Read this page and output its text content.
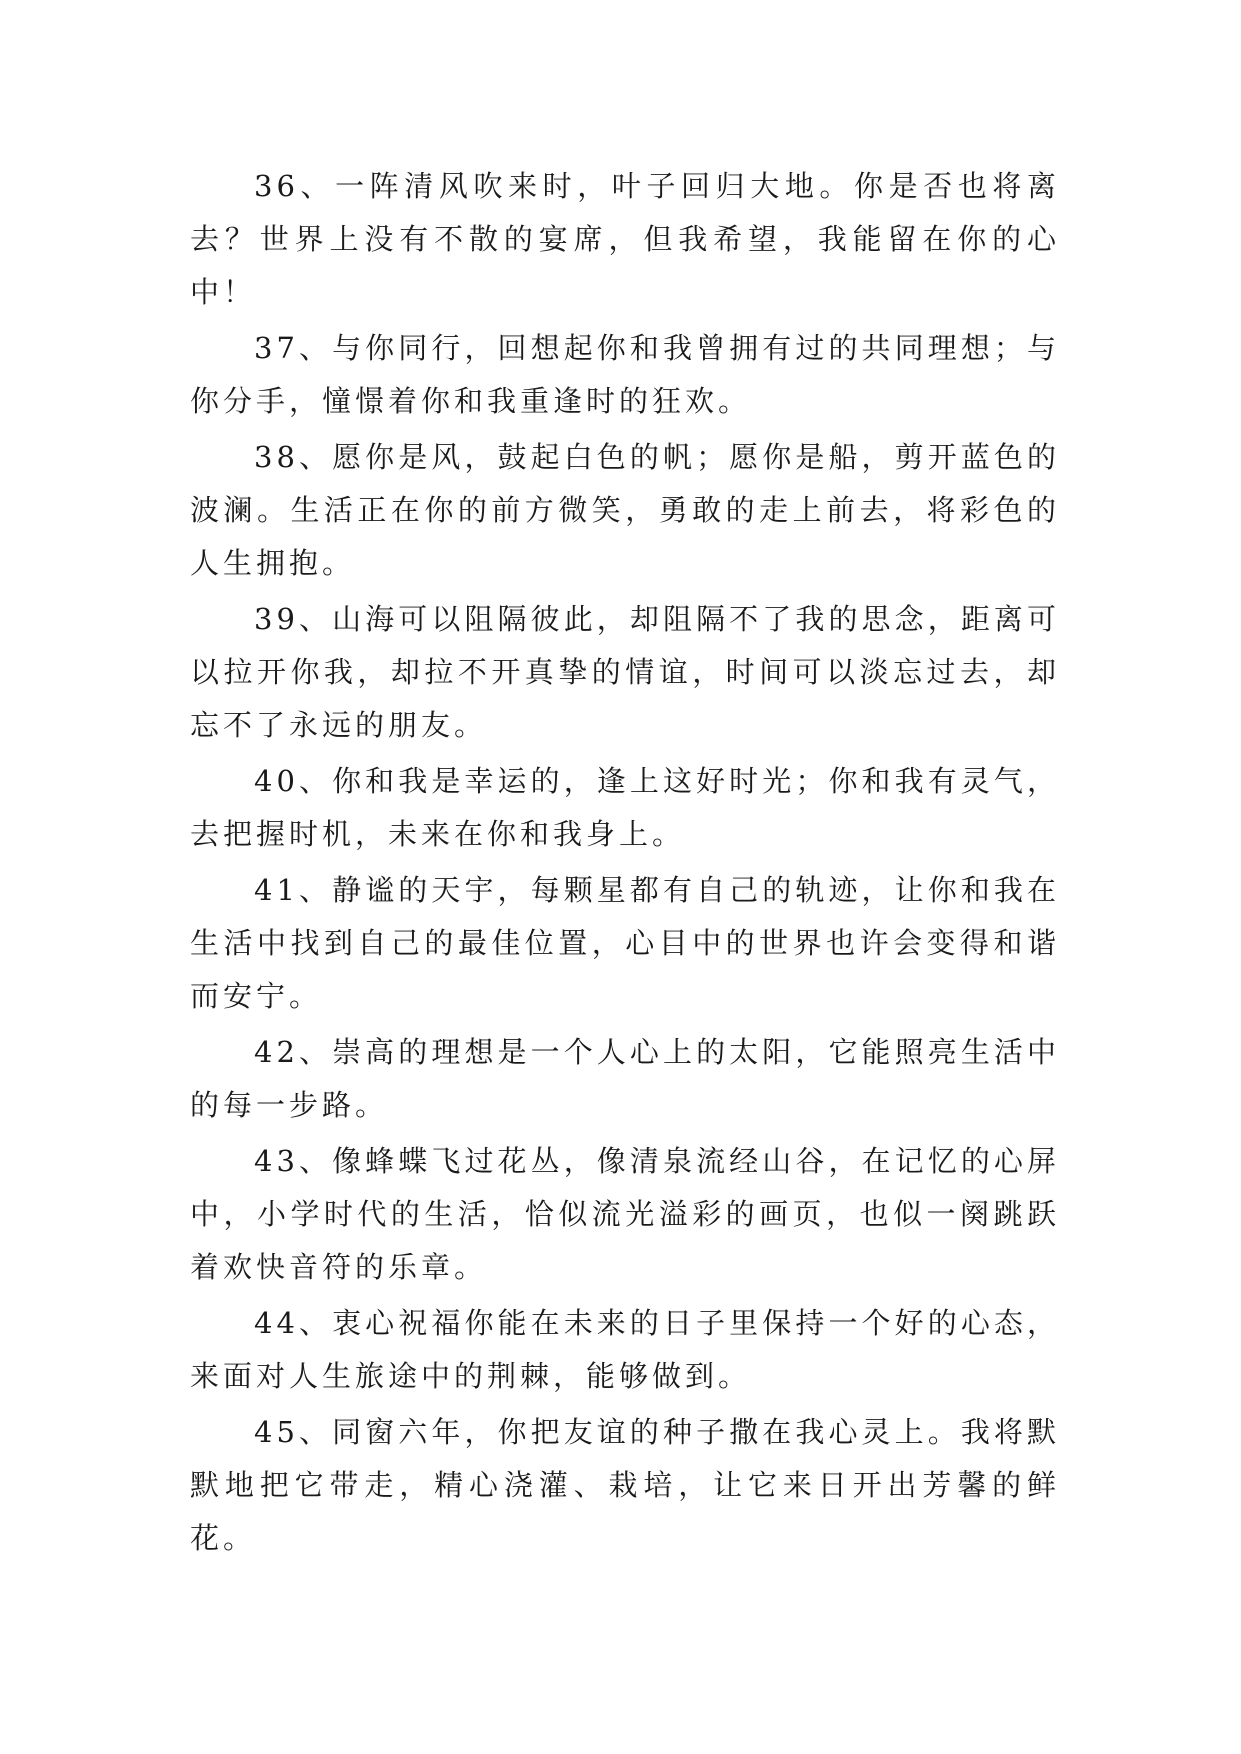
36、一阵清风吹来时，叶子回归大地。你是否也将离去？世界上没有不散的宴席，但我希望，我能留在你的心中！

37、与你同行，回想起你和我曾拥有过的共同理想；与你分手，憧憬着你和我重逢时的狂欢。

38、愿你是风，鼓起白色的帆；愿你是船，剪开蓝色的波澜。生活正在你的前方微笑，勇敢的走上前去，将彩色的人生拥抱。

39、山海可以阻隔彼此，却阻隔不了我的思念，距离可以拉开你我，却拉不开真挚的情谊，时间可以淡忘过去，却忘不了永远的朋友。

40、你和我是幸运的，逢上这好时光；你和我有灵气，去把握时机，未来在你和我身上。

41、静谧的天宇，每颗星都有自己的轨迹，让你和我在生活中找到自己的最佳位置，心目中的世界也许会变得和谐而安宁。

42、崇高的理想是一个人心上的太阳，它能照亮生活中的每一步路。

43、像蜂蝶飞过花丛，像清泉流经山谷，在记忆的心屏中，小学时代的生活，恰似流光溢彩的画页，也似一阕跳跃着欢快音符的乐章。

44、衷心祝福你能在未来的日子里保持一个好的心态，来面对人生旅途中的荆棘，能够做到。

45、同窗六年，你把友谊的种子撒在我心灵上。我将默默地把它带走，精心浇灌、栽培，让它来日开出芳馨的鲜花。
